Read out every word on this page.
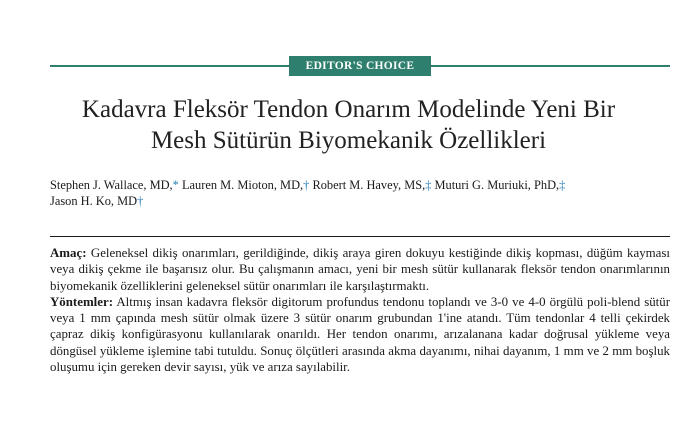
EDITOR'S CHOICE
Kadavra Fleksör Tendon Onarım Modelinde Yeni Bir
Mesh Sütürün Biyomekanik Özellikleri
Stephen J. Wallace, MD,* Lauren M. Mioton, MD,† Robert M. Havey, MS,‡ Muturi G. Muriuki, PhD,‡
Jason H. Ko, MD†

Amaç: Geleneksel dikiş onarımları, gerildiğinde, dikiş araya giren dokuyu kestiğinde dikiş kopması, düğüm kayması veya dikiş çekme ile başarısız olur. Bu çalışmanın amacı, yeni bir mesh sütür kullanarak fleksör tendon onarımlarının biyomekanik özelliklerini geleneksel sütür onarımları ile karşılaştırmaktı.

Yöntemler: Altmış insan kadavra fleksör digitorum profundus tendonu toplandı ve 3-0 ve 4-0 örgülü poli-blend sütür veya 1 mm çapında mesh sütür olmak üzere 3 sütür onarım grubundan 1'ine atandı. Tüm tendonlar 4 telli çekirdek çapraz dikiş konfigürasyonu kullanılarak onarıldı. Her tendon onarımı, arızalanana kadar doğrusal yükleme veya döngüsel yükleme işlemine tabi tutuldu. Sonuç ölçütleri arasında akma dayanımı, nihai dayanım, 1 mm ve 2 mm boşluk oluşumu için gereken devir sayısı, yük ve arıza sayılabilir.
